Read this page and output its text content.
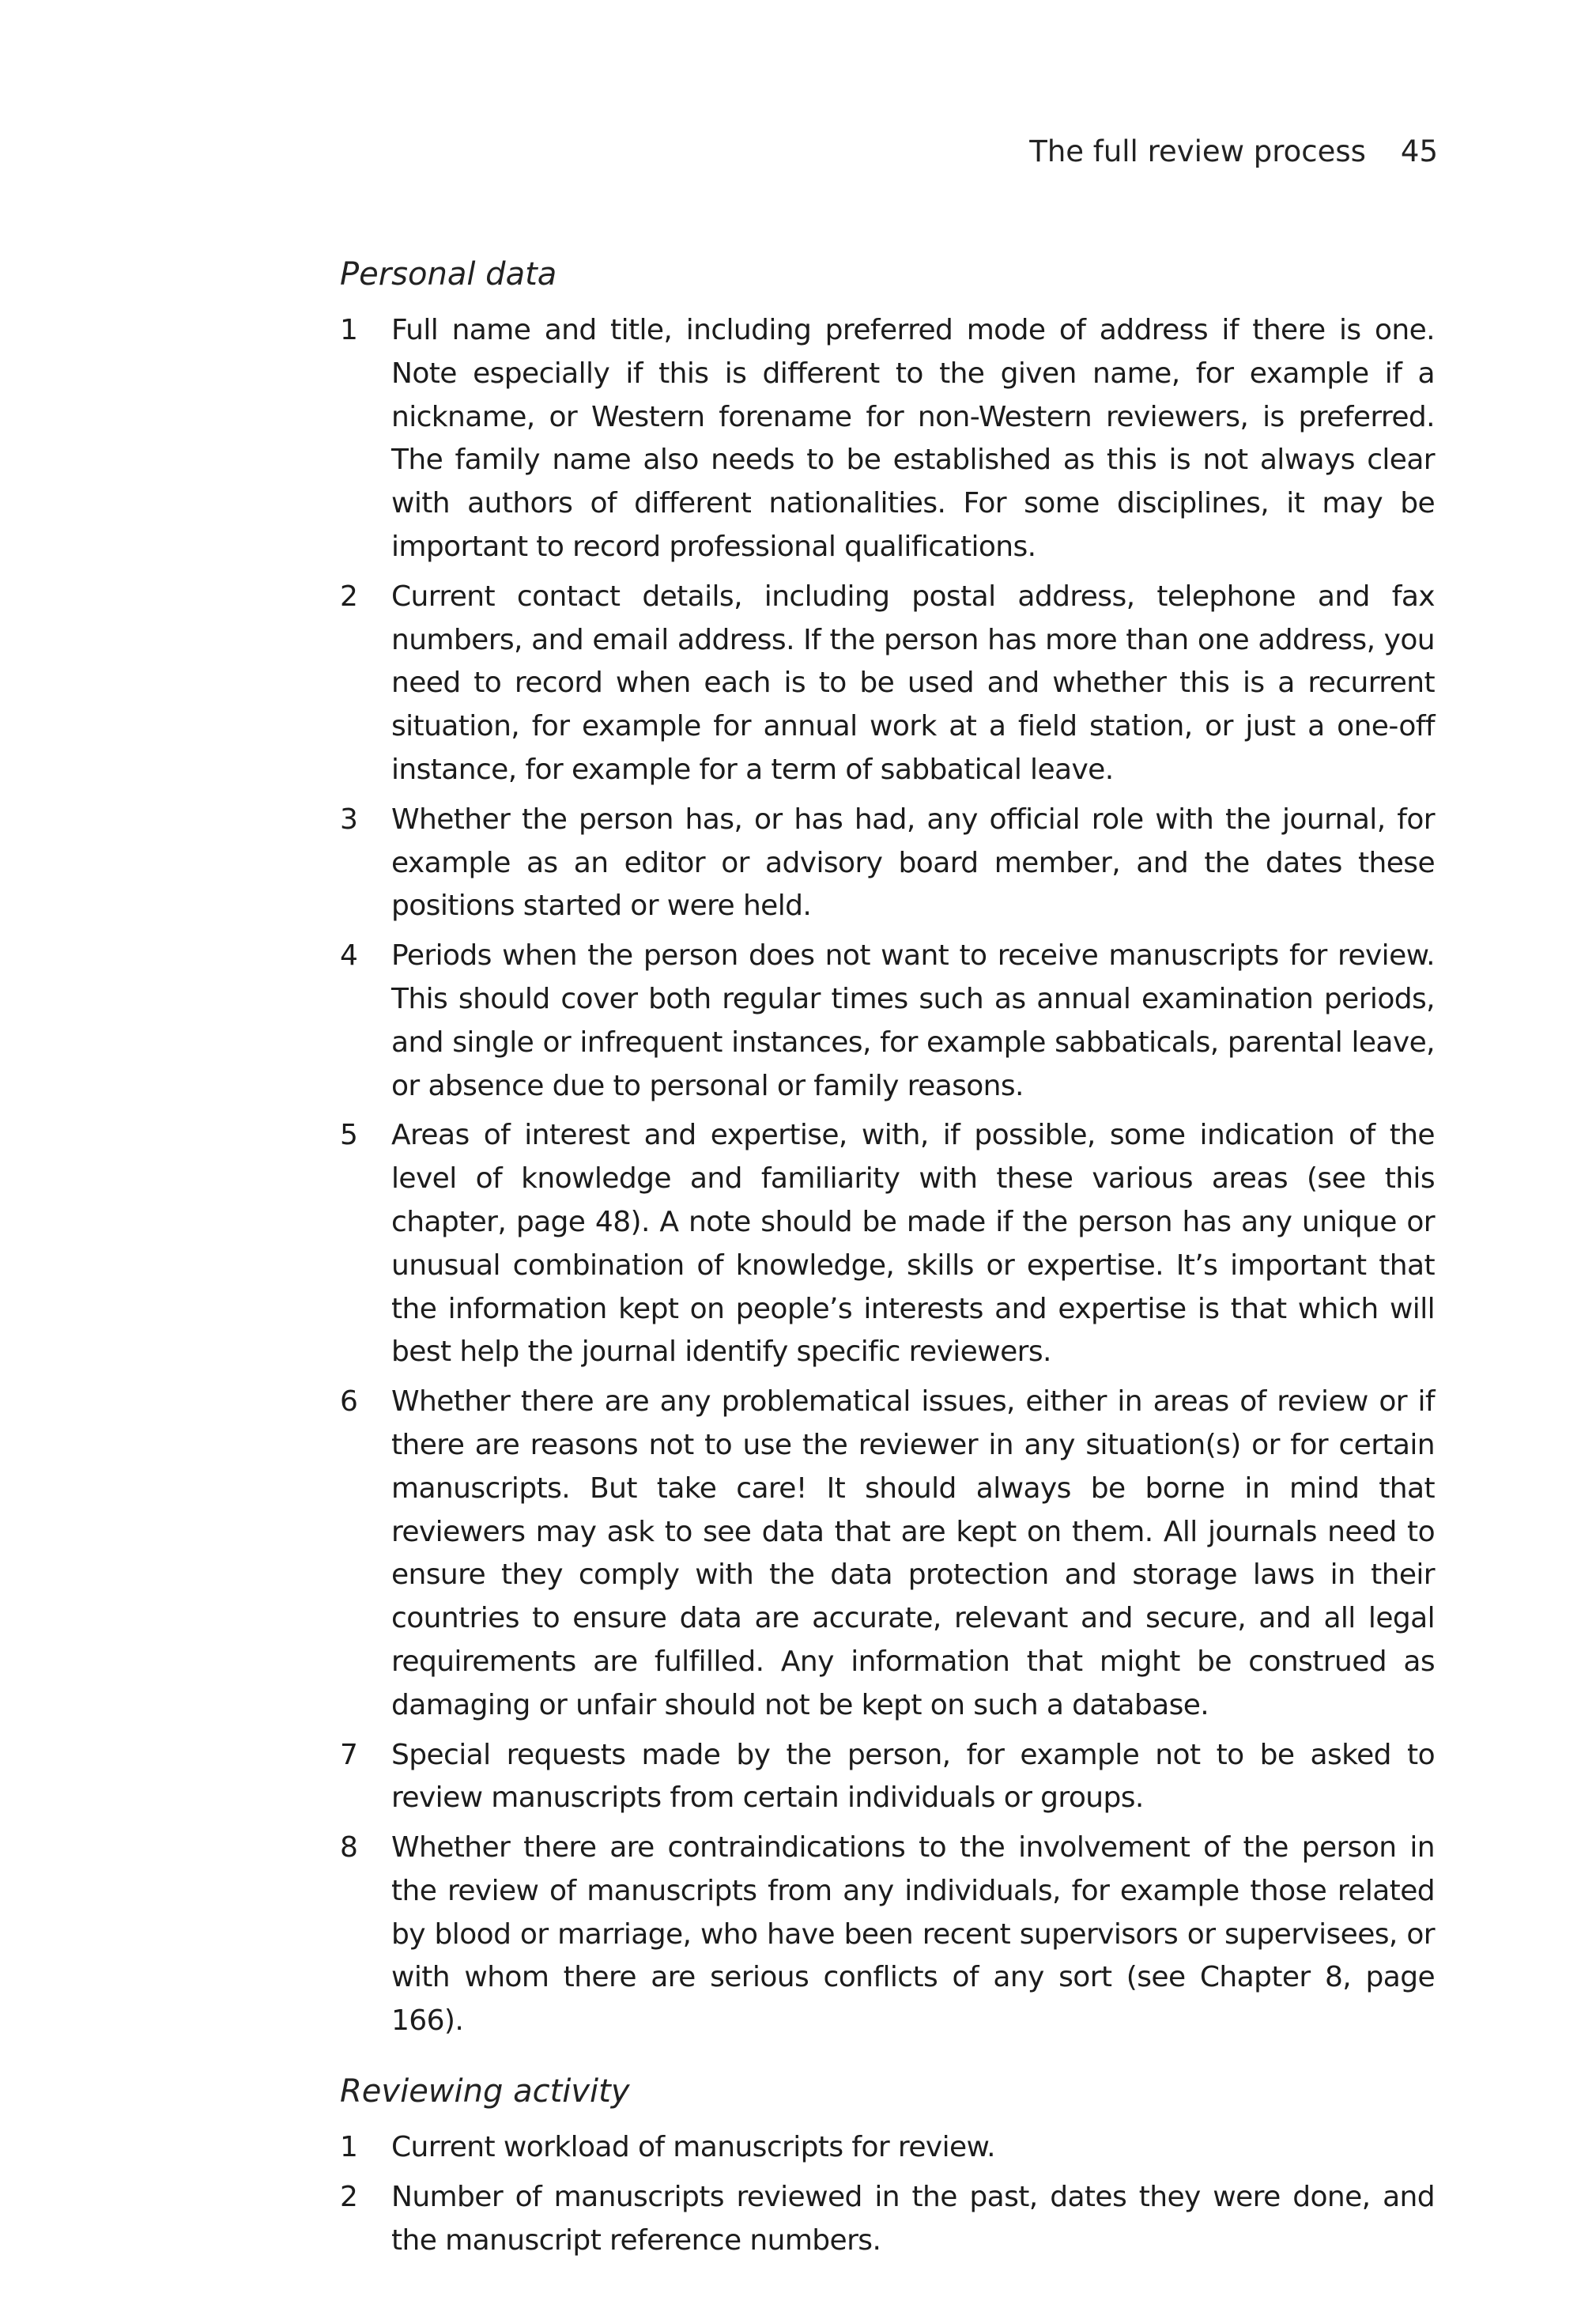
The full review process 45
Personal data
1 Full name and title, including preferred mode of address if there is one. Note especially if this is different to the given name, for example if a nickname, or Western forename for non-Western reviewers, is preferred. The family name also needs to be established as this is not always clear with authors of different nationalities. For some disciplines, it may be important to record professional qualifications.
2 Current contact details, including postal address, telephone and fax numbers, and email address. If the person has more than one address, you need to record when each is to be used and whether this is a recurrent situation, for example for annual work at a field station, or just a one-off instance, for example for a term of sabbatical leave.
3 Whether the person has, or has had, any official role with the journal, for example as an editor or advisory board member, and the dates these positions started or were held.
4 Periods when the person does not want to receive manuscripts for review. This should cover both regular times such as annual examination periods, and single or infrequent instances, for example sabbaticals, parental leave, or absence due to personal or family reasons.
5 Areas of interest and expertise, with, if possible, some indication of the level of knowledge and familiarity with these various areas (see this chapter, page 48). A note should be made if the person has any unique or unusual combination of knowledge, skills or expertise. It’s important that the information kept on people’s interests and expertise is that which will best help the journal identify specific reviewers.
6 Whether there are any problematical issues, either in areas of review or if there are reasons not to use the reviewer in any situation(s) or for certain manuscripts. But take care! It should always be borne in mind that reviewers may ask to see data that are kept on them. All journals need to ensure they comply with the data protection and storage laws in their countries to ensure data are accurate, relevant and secure, and all legal requirements are fulfilled. Any information that might be construed as damaging or unfair should not be kept on such a database.
7 Special requests made by the person, for example not to be asked to review manuscripts from certain individuals or groups.
8 Whether there are contraindications to the involvement of the person in the review of manuscripts from any individuals, for example those related by blood or marriage, who have been recent supervisors or supervisees, or with whom there are serious conflicts of any sort (see Chapter 8, page 166).
Reviewing activity
1 Current workload of manuscripts for review.
2 Number of manuscripts reviewed in the past, dates they were done, and the manuscript reference numbers.
